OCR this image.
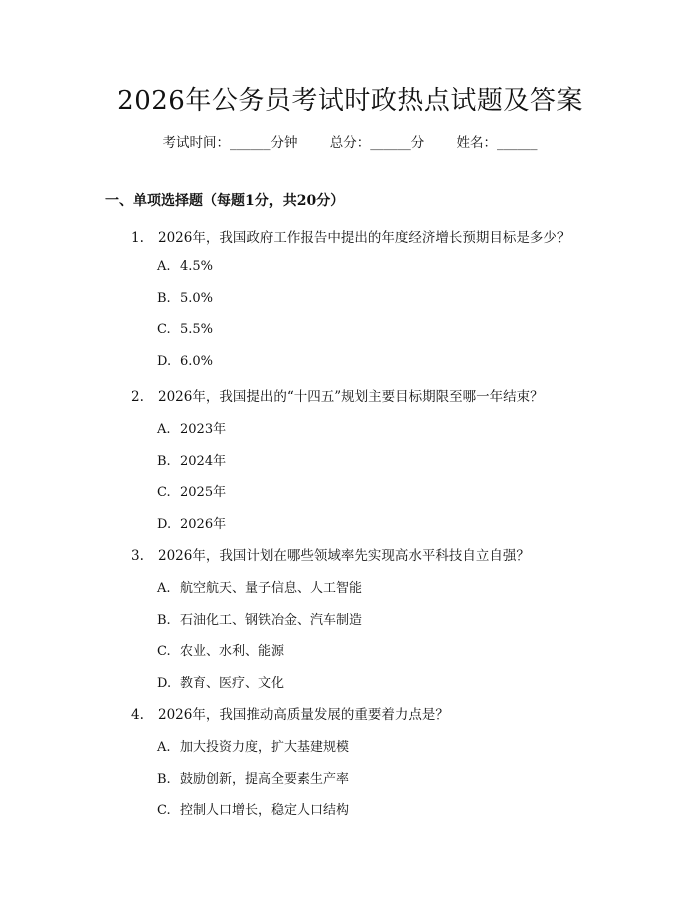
2026年公务员考试时政热点试题及答案
考试时间：______分钟 总分：______分 姓名：______
一、单项选择题（每题1分，共20分）
1. 2026年，我国政府工作报告中提出的年度经济增长预期目标是多少？
A. 4.5%
B. 5.0%
C. 5.5%
D. 6.0%
2. 2026年，我国提出的“十四五”规划主要目标期限至哪一年结束？
A. 2023年
B. 2024年
C. 2025年
D. 2026年
3. 2026年，我国计划在哪些领域率先实现高水平科技自立自强？
A. 航空航天、量子信息、人工智能
B. 石油化工、钢铁冶金、汽车制造
C. 农业、水利、能源
D. 教育、医疗、文化
4. 2026年，我国推动高质量发展的重要着力点是？
A. 加大投资力度，扩大基建规模
B. 鼓励创新，提高全要素生产率
C. 控制人口增长，稳定人口结构
